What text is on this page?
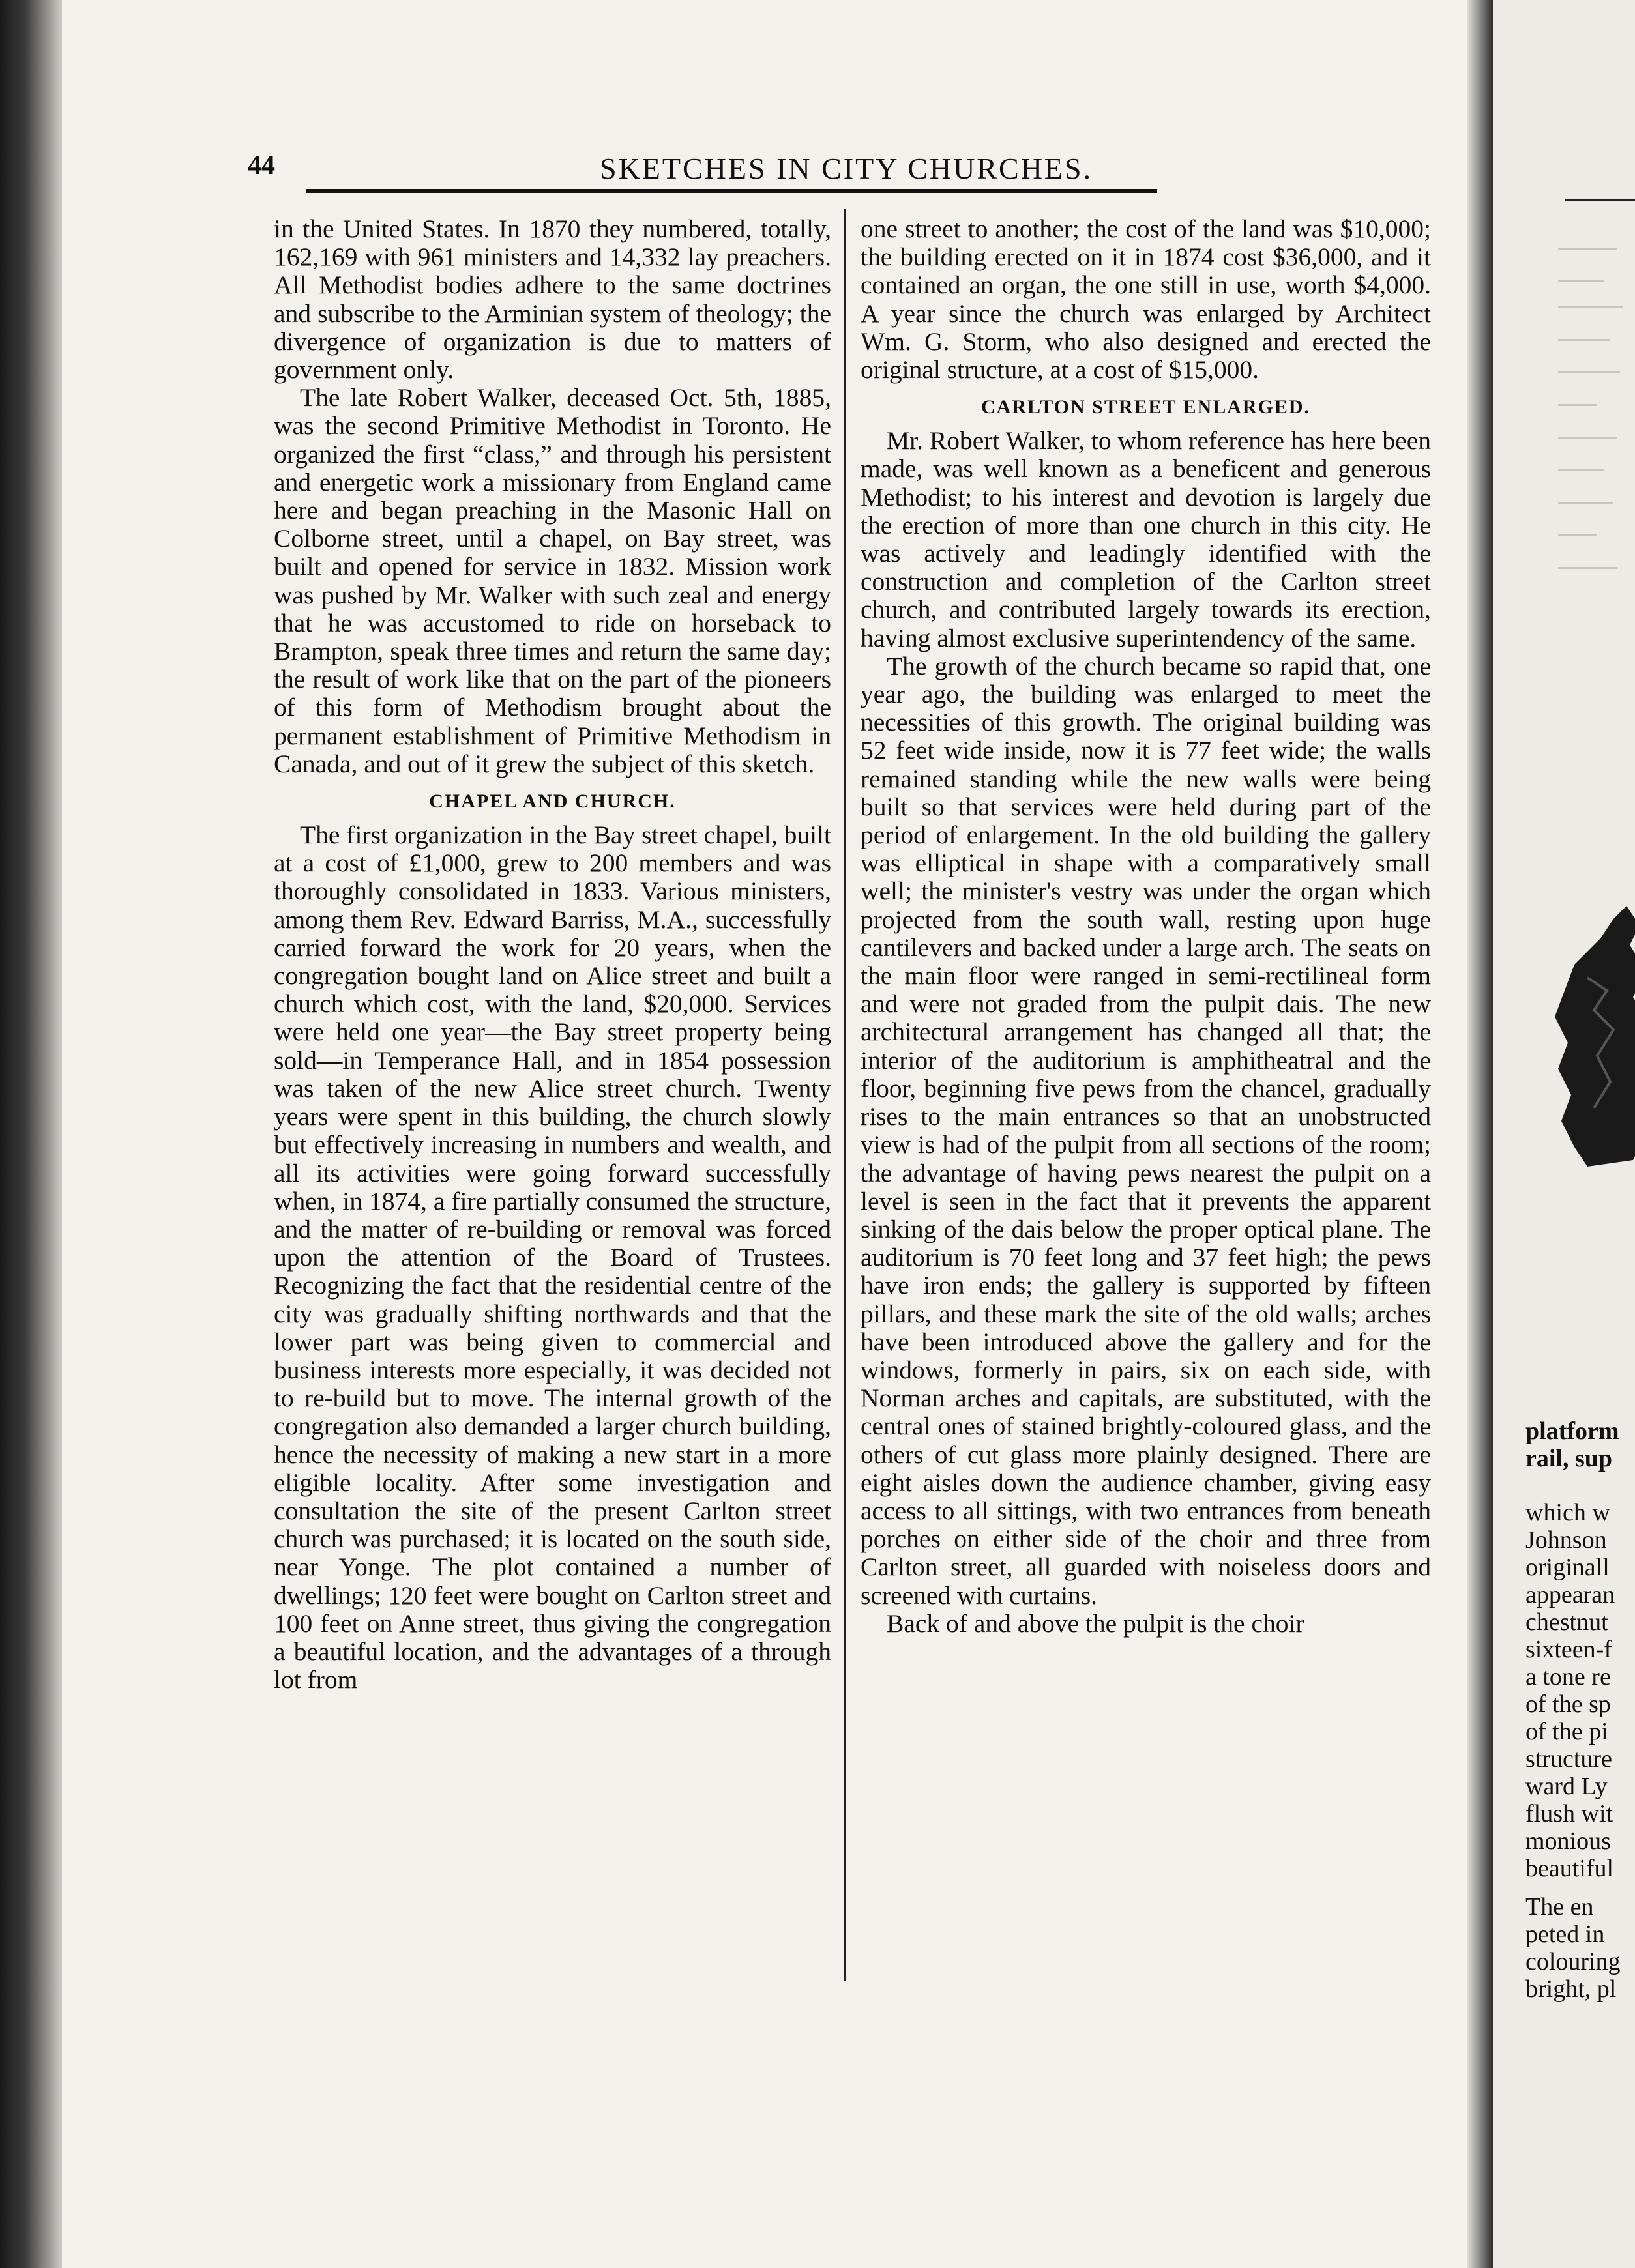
44	SKETCHES IN CITY CHURCHES.

in the United States. In 1870 they numbered, totally, 162,169 with 961 ministers and 14,332 lay preachers. All Methodist bodies adhere to the same doctrines and subscribe to the Arminian system of theology; the divergence of organization is due to matters of government only.

The late Robert Walker, deceased Oct. 5th, 1885, was the second Primitive Methodist in Toronto. He organized the first “class,” and through his persistent and energetic work a missionary from England came here and began preaching in the Masonic Hall on Colborne street, until a chapel, on Bay street, was built and opened for service in 1832. Mission work was pushed by Mr. Walker with such zeal and energy that he was accustomed to ride on horseback to Brampton, speak three times and return the same day; the result of work like that on the part of the pioneers of this form of Methodism brought about the permanent establishment of Primitive Methodism in Canada, and out of it grew the subject of this sketch.

CHAPEL AND CHURCH.

The first organization in the Bay street chapel, built at a cost of £1,000, grew to 200 members and was thoroughly consolidated in 1833. Various ministers, among them Rev. Edward Barriss, M.A., successfully carried forward the work for 20 years, when the congregation bought land on Alice street and built a church which cost, with the land, $20,000. Services were held one year—the Bay street property being sold—in Temperance Hall, and in 1854 possession was taken of the new Alice street church. Twenty years were spent in this building, the church slowly but effectively increasing in numbers and wealth, and all its activities were going forward successfully when, in 1874, a fire partially consumed the structure, and the matter of re-building or removal was forced upon the attention of the Board of Trustees. Recognizing the fact that the residential centre of the city was gradually shifting northwards and that the lower part was being given to commercial and business interests more especially, it was decided not to re-build but to move. The internal growth of the congregation also demanded a larger church building, hence the necessity of making a new start in a more eligible locality. After some investigation and consultation the site of the present Carlton street church was purchased; it is located on the south side, near Yonge. The plot contained a number of dwellings; 120 feet were bought on Carlton street and 100 feet on Anne street, thus giving the congregation a beautiful location, and the advantages of a through lot from

one street to another; the cost of the land was $10,000; the building erected on it in 1874 cost $36,000, and it contained an organ, the one still in use, worth $4,000. A year since the church was enlarged by Architect Wm. G. Storm, who also designed and erected the original structure, at a cost of $15,000.

CARLTON STREET ENLARGED.

Mr. Robert Walker, to whom reference has here been made, was well known as a beneficent and generous Methodist; to his interest and devotion is largely due the erection of more than one church in this city. He was actively and leadingly identified with the construction and completion of the Carlton street church, and contributed largely towards its erection, having almost exclusive superintendency of the same.

The growth of the church became so rapid that, one year ago, the building was enlarged to meet the necessities of this growth. The original building was 52 feet wide inside, now it is 77 feet wide; the walls remained standing while the new walls were being built so that services were held during part of the period of enlargement. In the old building the gallery was elliptical in shape with a comparatively small well; the minister's vestry was under the organ which projected from the south wall, resting upon huge cantilevers and backed under a large arch. The seats on the main floor were ranged in semi-rectilineal form and were not graded from the pulpit dais. The new architectural arrangement has changed all that; the interior of the auditorium is amphitheatral and the floor, beginning five pews from the chancel, gradually rises to the main entrances so that an unobstructed view is had of the pulpit from all sections of the room; the advantage of having pews nearest the pulpit on a level is seen in the fact that it prevents the apparent sinking of the dais below the proper optical plane. The auditorium is 70 feet long and 37 feet high; the pews have iron ends; the gallery is supported by fifteen pillars, and these mark the site of the old walls; arches have been introduced above the gallery and for the windows, formerly in pairs, six on each side, with Norman arches and capitals, are substituted, with the central ones of stained brightly-coloured glass, and the others of cut glass more plainly designed. There are eight aisles down the audience chamber, giving easy access to all sittings, with two entrances from beneath porches on either side of the choir and three from Carlton street, all guarded with noiseless doors and screened with curtains.

Back of and above the pulpit is the choir

platform
rail, sup
which w
Johnson
originall
appearan
chestnut
sixteen-f
a tone re
of the sp
of the pi
structure
ward Ly
flush wit
monious
beautiful
The en
peted in
colouring
bright, pl
